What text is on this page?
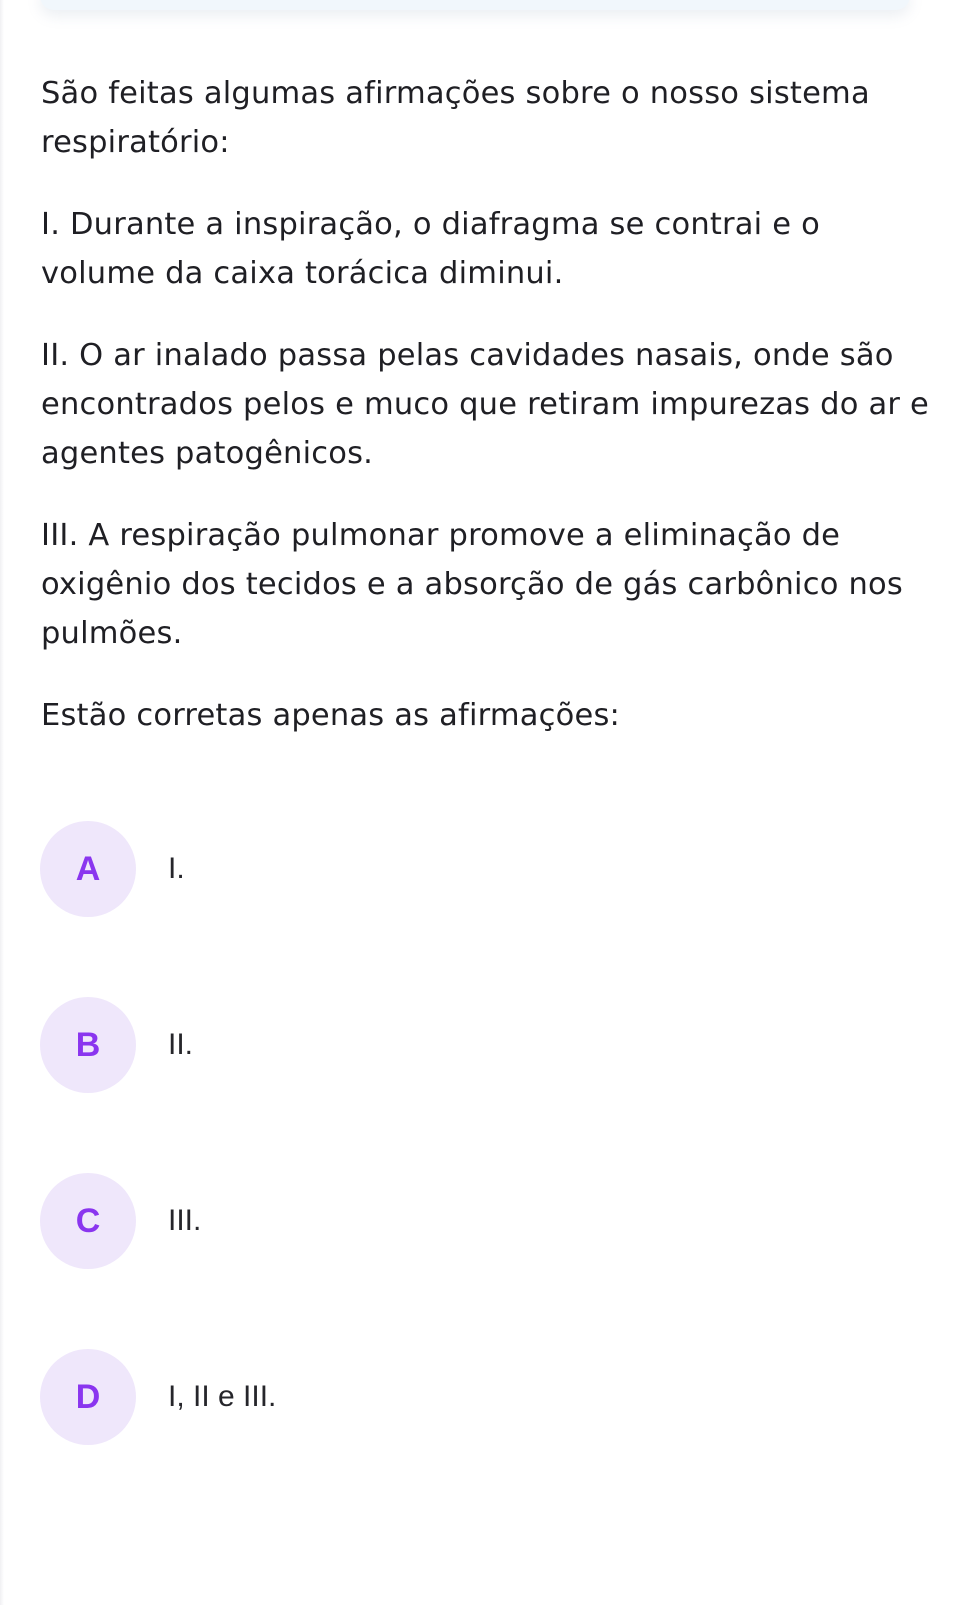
São feitas algumas afirmações sobre o nosso sistema respiratório:

I. Durante a inspiração, o diafragma se contrai e o volume da caixa torácica diminui.

II. O ar inalado passa pelas cavidades nasais, onde são encontrados pelos e muco que retiram impurezas do ar e agentes patogênicos.

III. A respiração pulmonar promove a eliminação de oxigênio dos tecidos e a absorção de gás carbônico nos pulmões.

Estão corretas apenas as afirmações:

A	I.
B	II.
C	III.
D	I, II e III.
